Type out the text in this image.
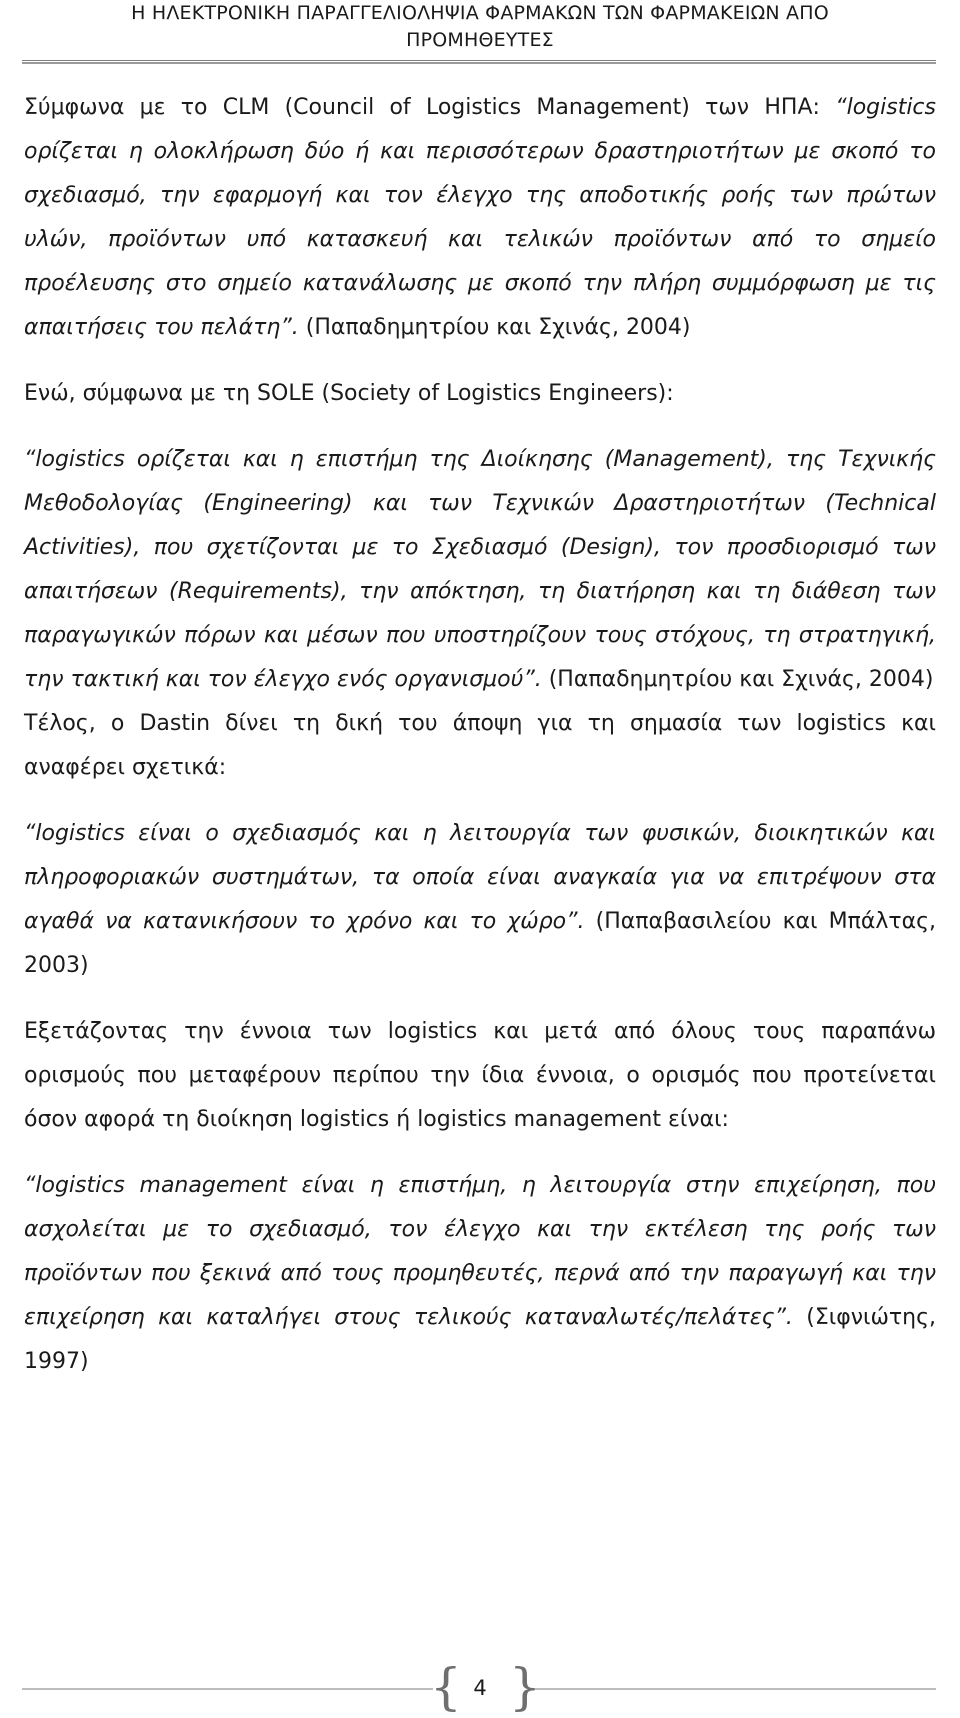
Η ΗΛΕΚΤΡΟΝΙΚΗ ΠΑΡΑΓΓΕΛΙΟΛΗΨΙΑ ΦΑΡΜΑΚΩΝ ΤΩΝ ΦΑΡΜΑΚΕΙΩΝ ΑΠΟ
ΠΡΟΜΗΘΕΥΤΕΣ

Σύμφωνα με το CLM (Council of Logistics Management) των ΗΠΑ: “logistics ορίζεται η ολοκλήρωση δύο ή και περισσότερων δραστηριοτήτων με σκοπό το σχεδιασμό, την εφαρμογή και τον έλεγχο της αποδοτικής ροής των πρώτων υλών, προϊόντων υπό κατασκευή και τελικών προϊόντων από το σημείο προέλευσης στο σημείο κατανάλωσης με σκοπό την πλήρη συμμόρφωση με τις απαιτήσεις του πελάτη”. (Παπαδημητρίου και Σχινάς, 2004)

Ενώ, σύμφωνα με τη SOLE (Society of Logistics Engineers):

“logistics ορίζεται και η επιστήμη της Διοίκησης (Management), της Τεχνικής Μεθοδολογίας (Engineering) και των Τεχνικών Δραστηριοτήτων (Technical Activities), που σχετίζονται με το Σχεδιασμό (Design), τον προσδιορισμό των απαιτήσεων (Requirements), την απόκτηση, τη διατήρηση και τη διάθεση των παραγωγικών πόρων και μέσων που υποστηρίζουν τους στόχους, τη στρατηγική, την τακτική και τον έλεγχο ενός οργανισμού”. (Παπαδημητρίου και Σχινάς, 2004)

Τέλος, ο Dastin δίνει τη δική του άποψη για τη σημασία των logistics και αναφέρει σχετικά:

“logistics είναι ο σχεδιασμός και η λειτουργία των φυσικών, διοικητικών και πληροφοριακών συστημάτων, τα οποία είναι αναγκαία για να επιτρέψουν στα αγαθά να κατανικήσουν το χρόνο και το χώρο”. (Παπαβασιλείου και Μπάλτας, 2003)

Εξετάζοντας την έννοια των logistics και μετά από όλους τους παραπάνω ορισμούς που μεταφέρουν περίπου την ίδια έννοια, ο ορισμός που προτείνεται όσον αφορά τη διοίκηση logistics ή logistics management είναι:

“logistics management είναι η επιστήμη, η λειτουργία στην επιχείρηση, που ασχολείται με το σχεδιασμό, τον έλεγχο και την εκτέλεση της ροής των προϊόντων που ξεκινά από τους προμηθευτές, περνά από την παραγωγή και την επιχείρηση και καταλήγει στους τελικούς καταναλωτές/πελάτες”. (Σιφνιώτης, 1997)

{ 4 }
